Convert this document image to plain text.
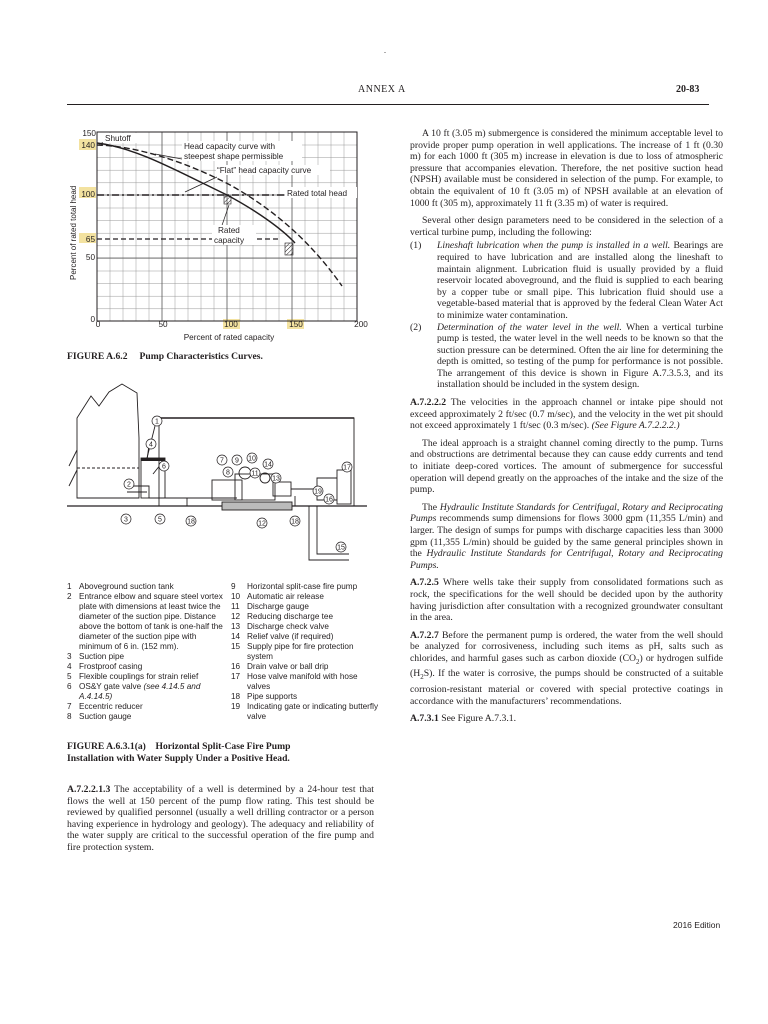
.
ANNEX A	20-83
150
140
100
65
50
0
0	50	100	150	200
Percent of rated capacity
Percent of rated total head
Shutoff
Head capacity curve with
steepest shape permissible
“Flat” head capacity curve
Rated total head
Rated
capacity
FIGURE A.6.2 Pump Characteristics Curves.
1
4
6
2
3	5	18
7 9 10
14
8	11
12
13
17
19
16
18
15
1 Aboveground suction tank
2 Entrance elbow and square steel vortex plate with dimensions at least twice the diameter of the suction pipe. Distance above the bottom of tank is one-half the diameter of the suction pipe with minimum of 6 in. (152 mm).
3 Suction pipe
4 Frostproof casing
5 Flexible couplings for strain relief
6 OS&Y gate valve (see 4.14.5 and A.4.14.5)
7 Eccentric reducer
8 Suction gauge
9	Horizontal split-case fire pump
10 Automatic air release
11 Discharge gauge
12 Reducing discharge tee
13 Discharge check valve
14 Relief valve (if required)
15 Supply pipe for fire protection system
16 Drain valve or ball drip
17 Hose valve manifold with hose valves
18 Pipe supports
19 Indicating gate or indicating butterfly valve
FIGURE A.6.3.1(a) Horizontal Split-Case Fire Pump
Installation with Water Supply Under a Positive Head.

A.7.2.2.1.3 The acceptability of a well is determined by a 24-hour test that flows the well at 150 percent of the pump flow rating. This test should be reviewed by qualified personnel (usually a well drilling contractor or a person having experience in hydrology and geology). The adequacy and reliability of the water supply are critical to the successful operation of the fire pump and fire protection system.

A 10 ft (3.05 m) submergence is considered the minimum acceptable level to provide proper pump operation in well applications. The increase of 1 ft (0.30 m) for each 1000 ft (305 m) increase in elevation is due to loss of atmospheric pressure that accompanies elevation. Therefore, the net positive suction head (NPSH) available must be considered in selection of the pump. For example, to obtain the equivalent of 10 ft (3.05 m) of NPSH available at an elevation of 1000 ft (305 m), approximately 11 ft (3.35 m) of water is required.

Several other design parameters need to be considered in the selection of a vertical turbine pump, including the following:

(1)	Lineshaft lubrication when the pump is installed in a well. Bearings are required to have lubrication and are installed along the lineshaft to maintain alignment. Lubrication fluid is usually provided by a fluid reservoir located aboveground, and the fluid is supplied to each bearing by a copper tube or small pipe. This lubrication fluid should use a vegetable-based material that is approved by the federal Clean Water Act to minimize water contamination.

(2)	Determination of the water level in the well. When a vertical turbine pump is tested, the water level in the well needs to be known so that the suction pressure can be determined. Often the air line for determining the depth is omitted, so testing of the pump for performance is not possible. The arrangement of this device is shown in Figure A.7.3.5.3, and its installation should be included in the system design.

A.7.2.2.2 The velocities in the approach channel or intake pipe should not exceed approximately 2 ft/sec (0.7 m/sec), and the velocity in the wet pit should not exceed approximately 1 ft/sec (0.3 m/sec). (See Figure A.7.2.2.2.)

The ideal approach is a straight channel coming directly to the pump. Turns and obstructions are detrimental because they can cause eddy currents and tend to initiate deep-cored vortices. The amount of submergence for successful operation will depend greatly on the approaches of the intake and the size of the pump.

The Hydraulic Institute Standards for Centrifugal, Rotary and Reciprocating Pumps recommends sump dimensions for flows 3000 gpm (11,355 L/min) and larger. The design of sumps for pumps with discharge capacities less than 3000 gpm (11,355 L/min) should be guided by the same general principles shown in the Hydraulic Institute Standards for Centrifugal, Rotary and Reciprocating Pumps.

A.7.2.5 Where wells take their supply from consolidated formations such as rock, the specifications for the well should be decided upon by the authority having jurisdiction after consultation with a recognized groundwater consultant in the area.

A.7.2.7 Before the permanent pump is ordered, the water from the well should be analyzed for corrosiveness, including such items as pH, salts such as chlorides, and harmful gases such as carbon dioxide $(CO_2)$ or hydrogen sulfide $(H_2S)$. If the water is corrosive, the pumps should be constructed of a suitable corrosion-resistant material or covered with special protective coatings in accordance with the manufacturers’ recommendations.

A.7.3.1 See Figure A.7.3.1.

2016 Edition
